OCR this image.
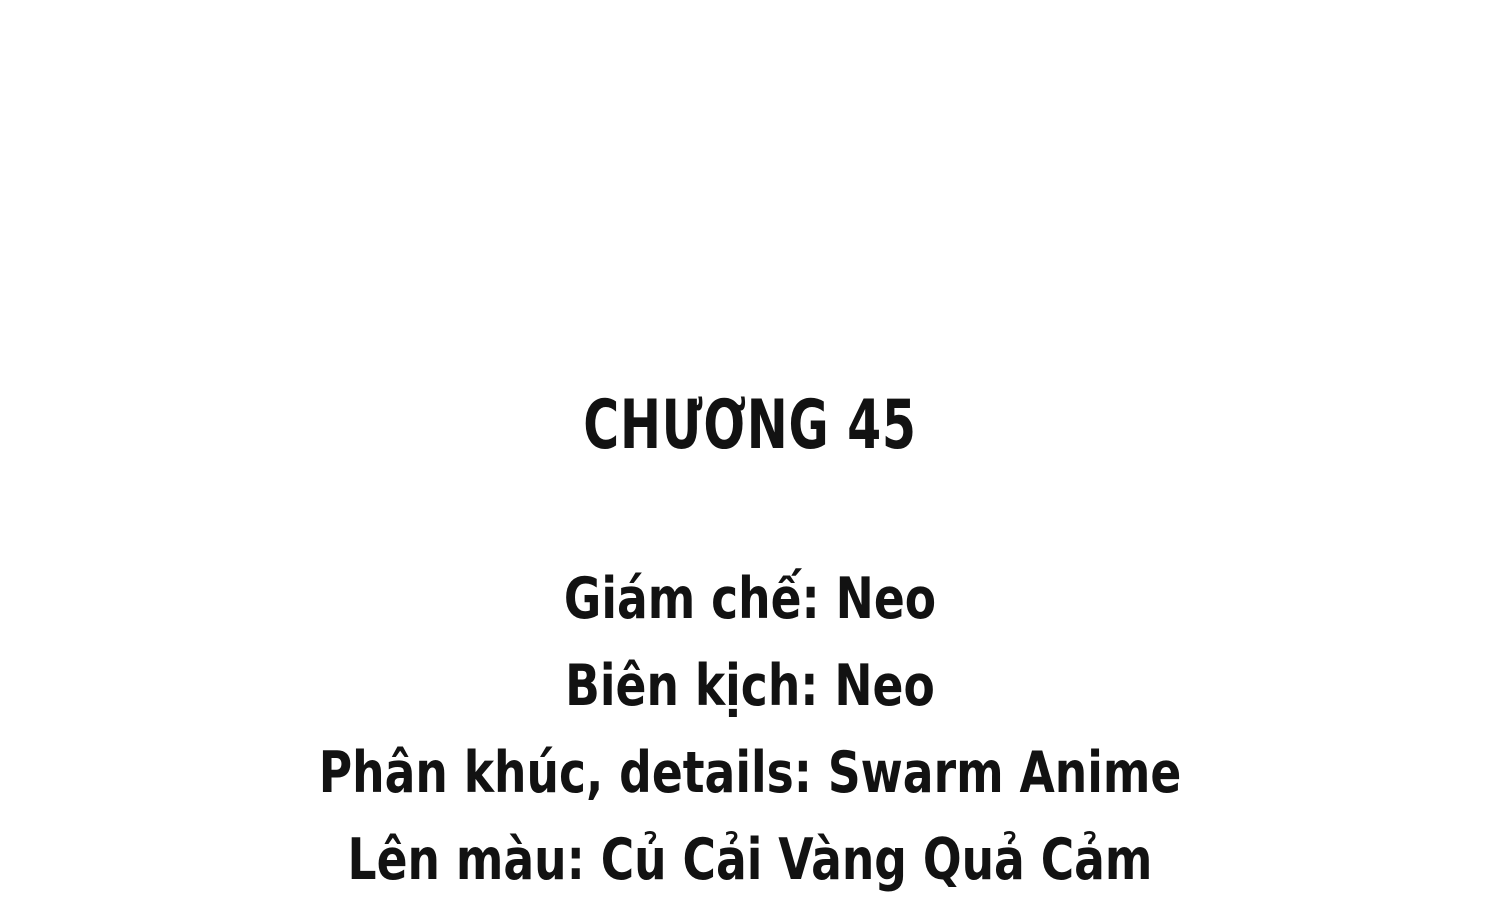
CHƯƠNG 45

Giám chế: Neo

Biên kịch: Neo

Phân khúc, details: Swarm Anime

Lên màu: Củ Cải Vàng Quả Cảm
